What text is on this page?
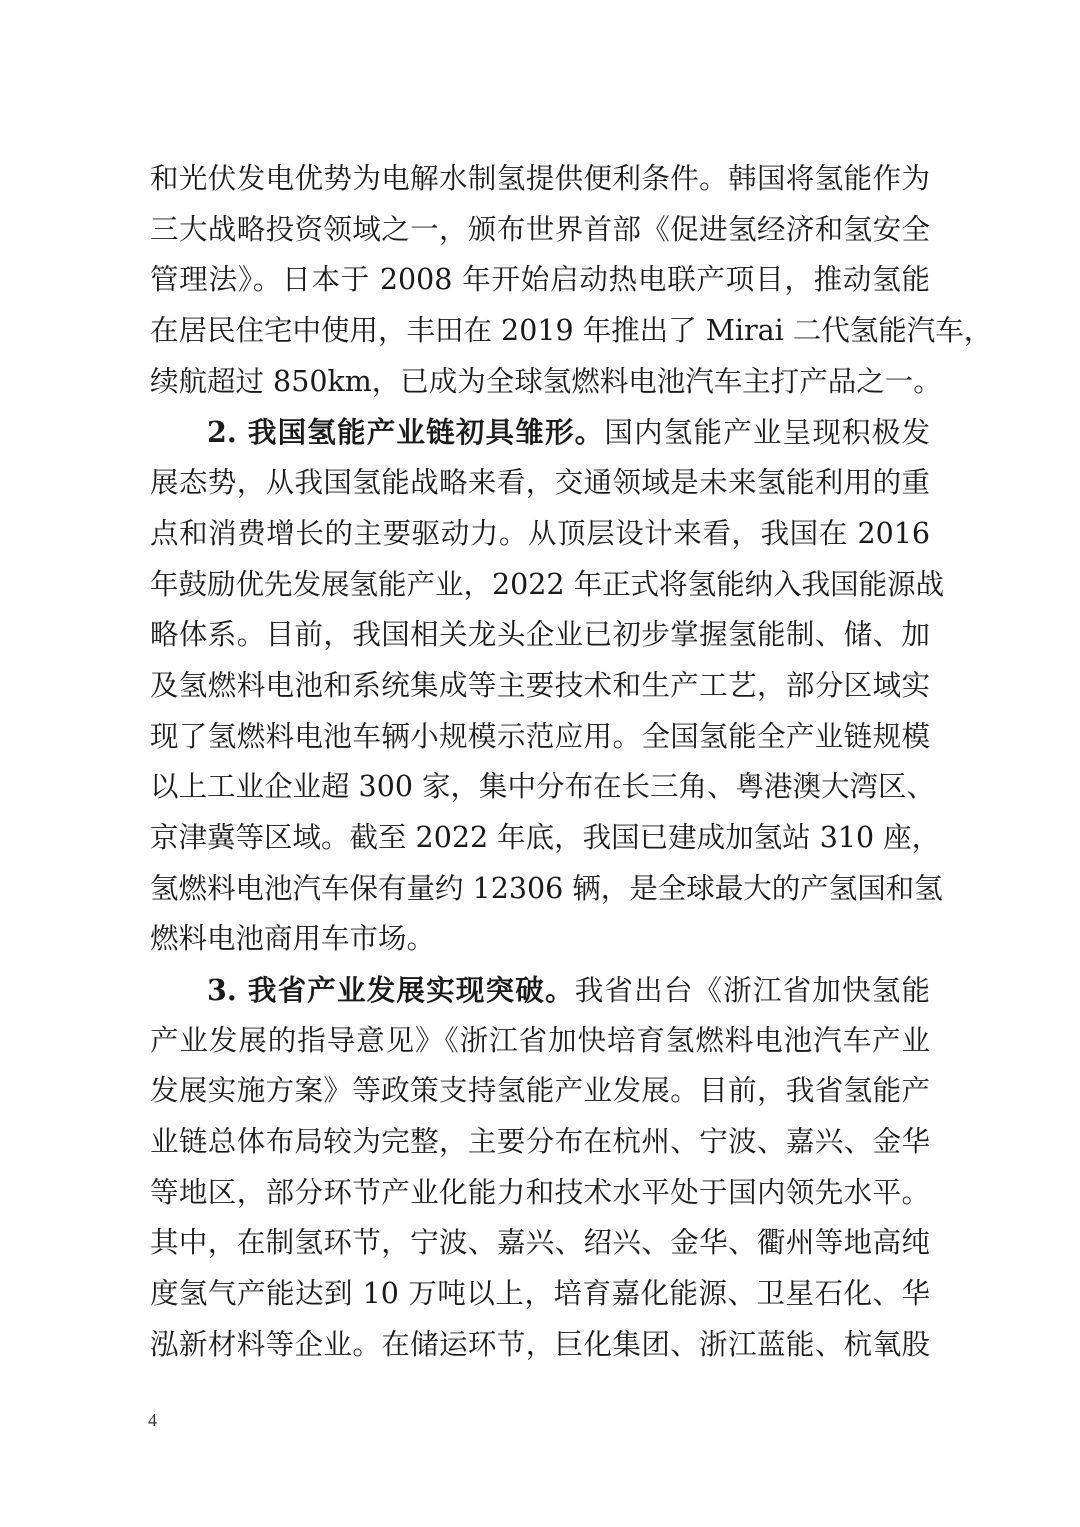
和光伏发电优势为电解水制氢提供便利条件。韩国将氢能作为
三大战略投资领域之一，颁布世界首部《促进氢经济和氢安全
管理法》。日本于 2008 年开始启动热电联产项目，推动氢能
在居民住宅中使用，丰田在 2019 年推出了 Mirai 二代氢能汽车，
续航超过 850km，已成为全球氢燃料电池汽车主打产品之一。
2. 我国氢能产业链初具雏形。国内氢能产业呈现积极发
展态势，从我国氢能战略来看，交通领域是未来氢能利用的重
点和消费增长的主要驱动力。从顶层设计来看，我国在 2016
年鼓励优先发展氢能产业，2022 年正式将氢能纳入我国能源战
略体系。目前，我国相关龙头企业已初步掌握氢能制、储、加
及氢燃料电池和系统集成等主要技术和生产工艺，部分区域实
现了氢燃料电池车辆小规模示范应用。全国氢能全产业链规模
以上工业企业超 300 家，集中分布在长三角、粤港澳大湾区、
京津冀等区域。截至 2022 年底，我国已建成加氢站 310 座，
氢燃料电池汽车保有量约 12306 辆，是全球最大的产氢国和氢
燃料电池商用车市场。
3. 我省产业发展实现突破。我省出台《浙江省加快氢能
产业发展的指导意见》《浙江省加快培育氢燃料电池汽车产业
发展实施方案》等政策支持氢能产业发展。目前，我省氢能产
业链总体布局较为完整，主要分布在杭州、宁波、嘉兴、金华
等地区，部分环节产业化能力和技术水平处于国内领先水平。
其中，在制氢环节，宁波、嘉兴、绍兴、金华、衢州等地高纯
度氢气产能达到 10 万吨以上，培育嘉化能源、卫星石化、华
泓新材料等企业。在储运环节，巨化集团、浙江蓝能、杭氧股
4
